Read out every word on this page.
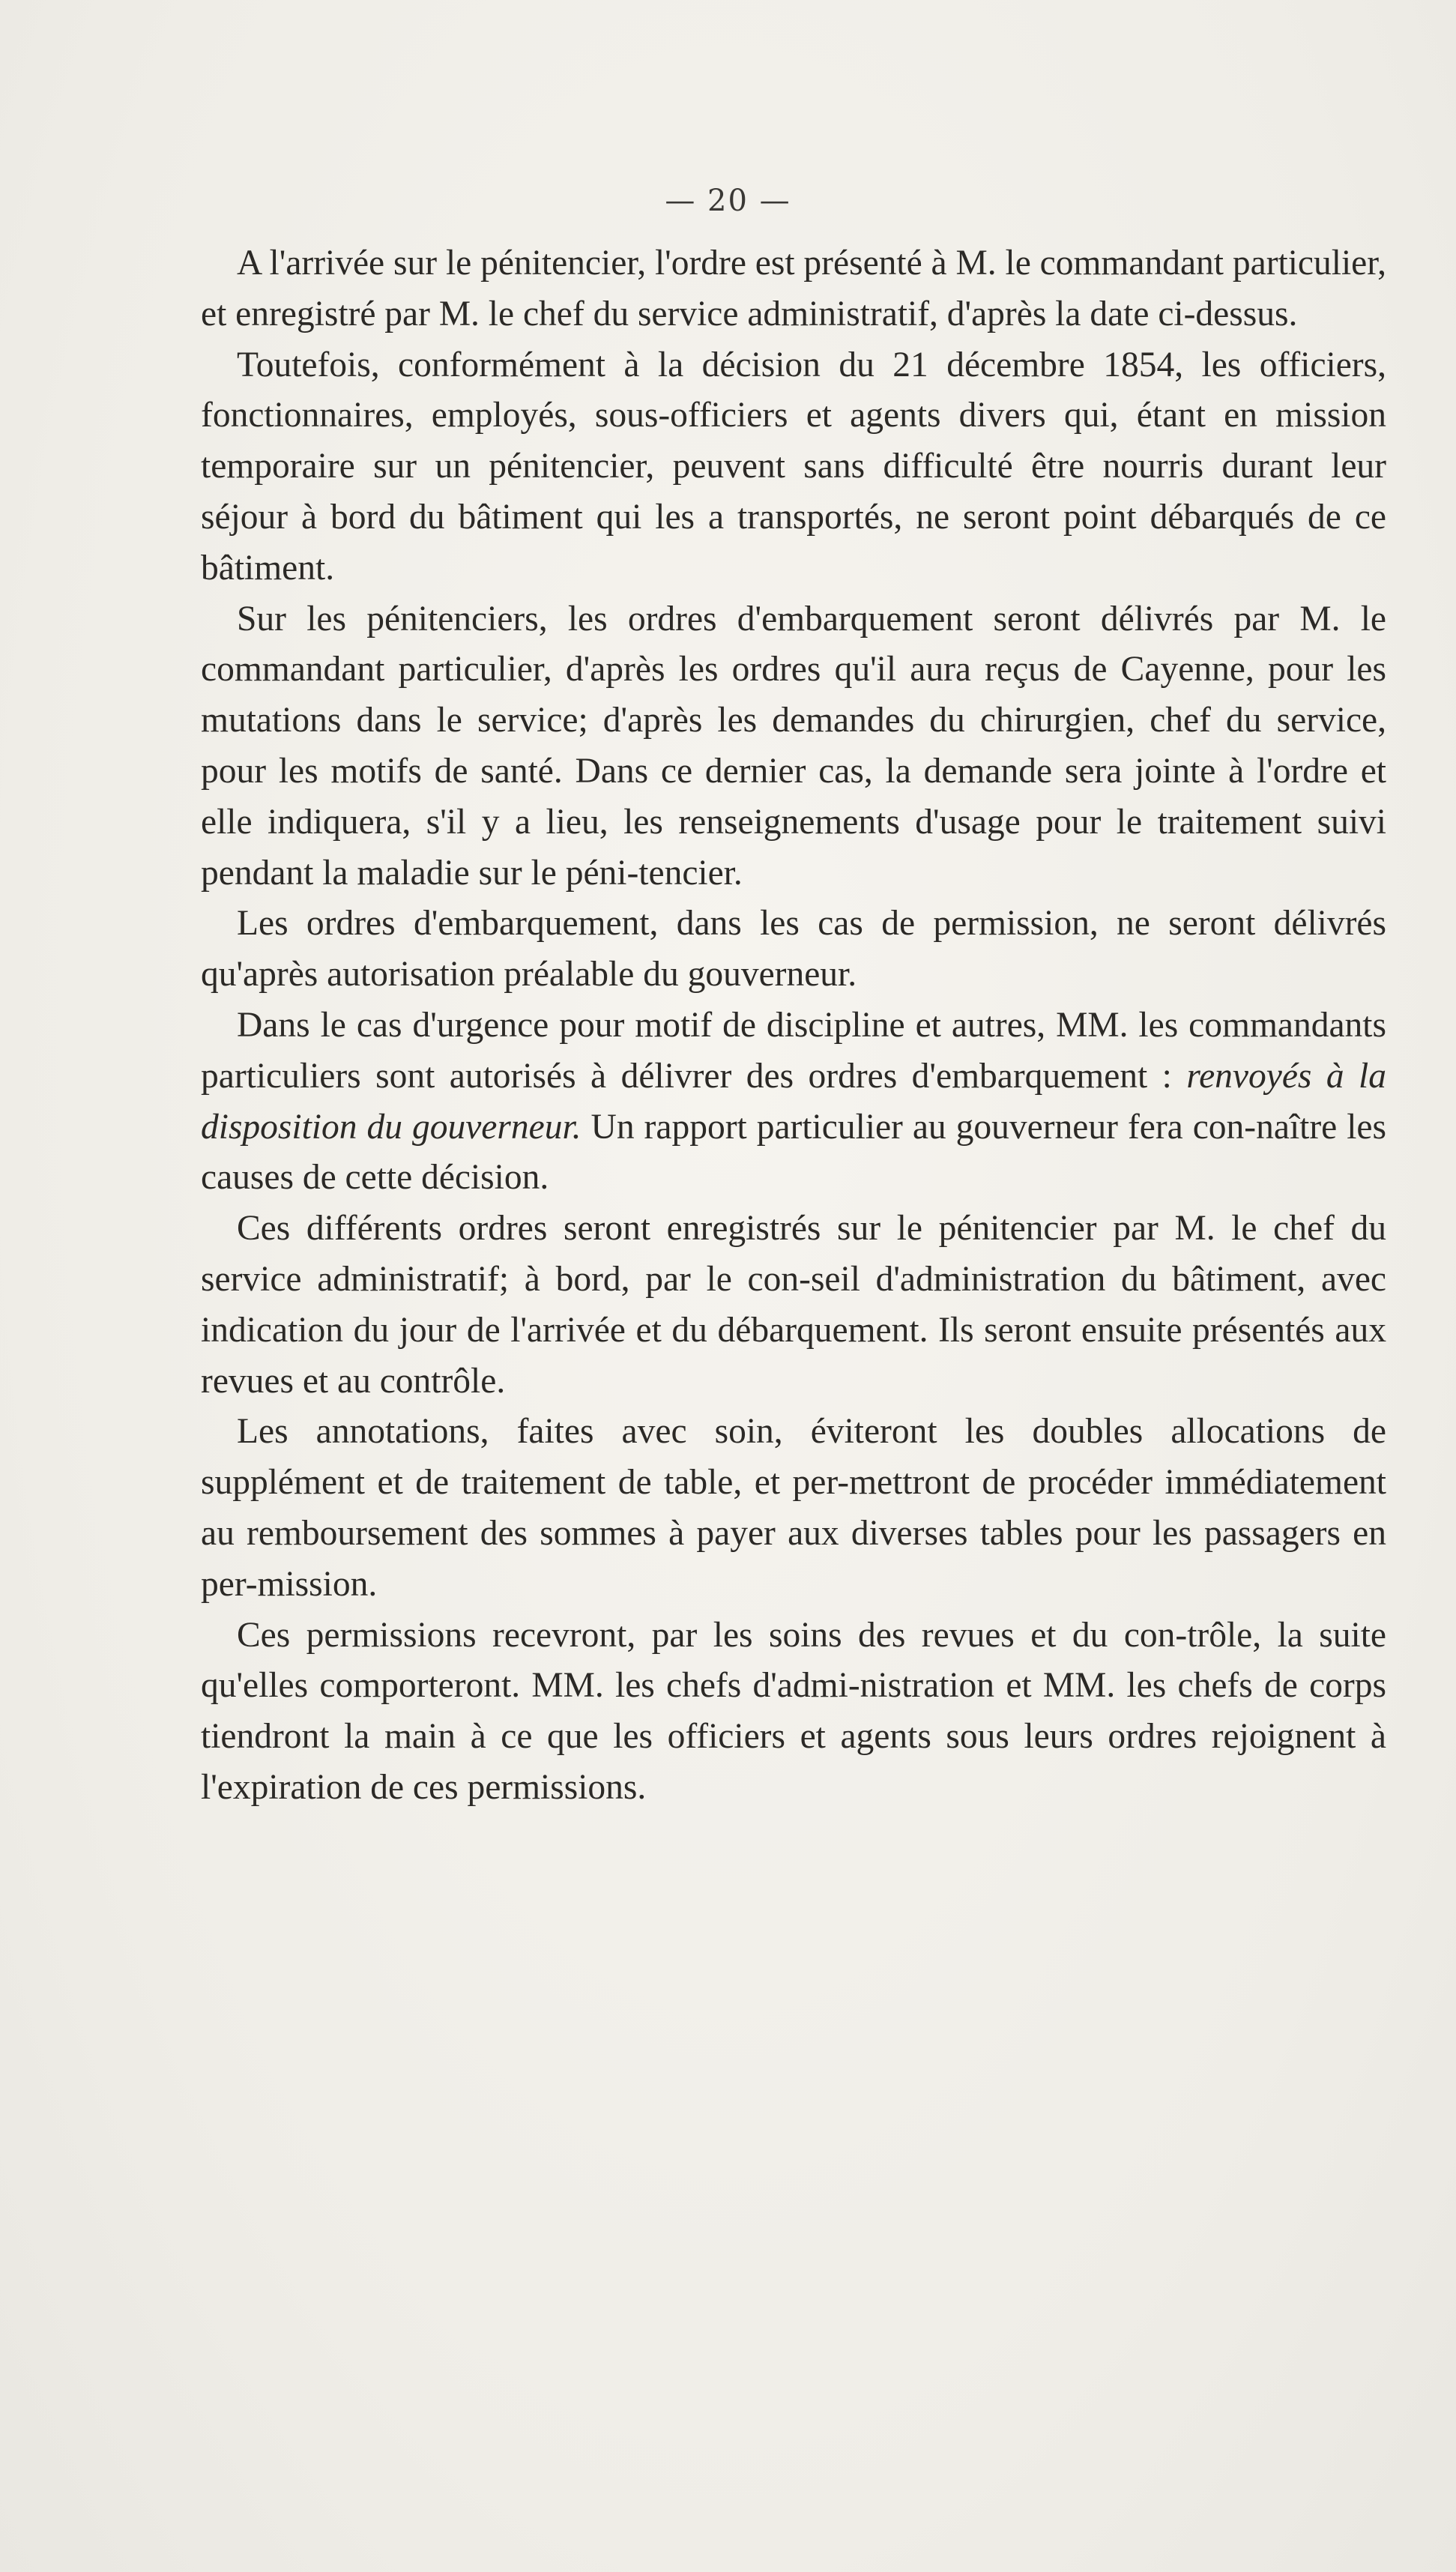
— 20 —

A l'arrivée sur le pénitencier, l'ordre est présenté à M. le commandant particulier, et enregistré par M. le chef du service administratif, d'après la date ci-dessus.

Toutefois, conformément à la décision du 21 décembre 1854, les officiers, fonctionnaires, employés, sous-officiers et agents divers qui, étant en mission temporaire sur un pénitencier, peuvent sans difficulté être nourris durant leur séjour à bord du bâtiment qui les a transportés, ne seront point débarqués de ce bâtiment.

Sur les pénitenciers, les ordres d'embarquement seront délivrés par M. le commandant particulier, d'après les ordres qu'il aura reçus de Cayenne, pour les mutations dans le service; d'après les demandes du chirurgien, chef du service, pour les motifs de santé. Dans ce dernier cas, la demande sera jointe à l'ordre et elle indiquera, s'il y a lieu, les renseignements d'usage pour le traitement suivi pendant la maladie sur le péni-tencier.

Les ordres d'embarquement, dans les cas de permission, ne seront délivrés qu'après autorisation préalable du gouverneur.

Dans le cas d'urgence pour motif de discipline et autres, MM. les commandants particuliers sont autorisés à délivrer des ordres d'embarquement : renvoyés à la disposition du gouverneur. Un rapport particulier au gouverneur fera con-naître les causes de cette décision.

Ces différents ordres seront enregistrés sur le pénitencier par M. le chef du service administratif; à bord, par le con-seil d'administration du bâtiment, avec indication du jour de l'arrivée et du débarquement. Ils seront ensuite présentés aux revues et au contrôle.

Les annotations, faites avec soin, éviteront les doubles allocations de supplément et de traitement de table, et per-mettront de procéder immédiatement au remboursement des sommes à payer aux diverses tables pour les passagers en per-mission.

Ces permissions recevront, par les soins des revues et du con-trôle, la suite qu'elles comporteront. MM. les chefs d'admi-nistration et MM. les chefs de corps tiendront la main à ce que les officiers et agents sous leurs ordres rejoignent à l'expiration de ces permissions.
